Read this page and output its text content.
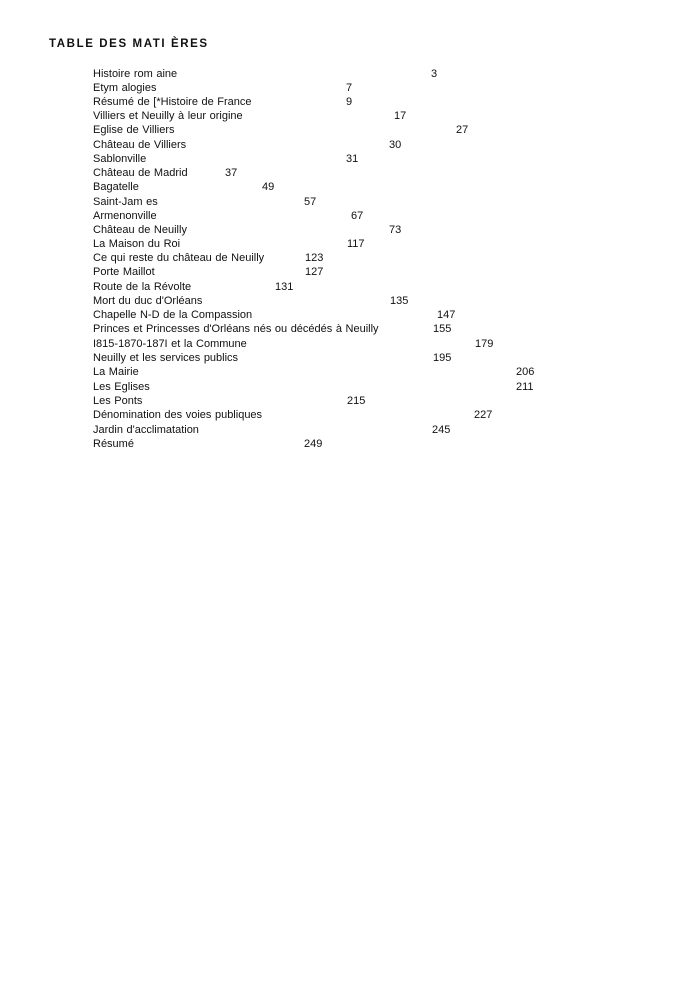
TABLE DES MATI ÈRES
Histoire rom aine	3
Etym alogies	7
Résumé de [*Histoire de France	9
Villiers et Neuilly à leur origine	17
Eglise de Villiers	27
Château de Villiers	30
Sablonville	31
Château de Madrid	37
Bagatelle	49
Saint-Jam es	57
Armenonville	67
Château de Neuilly	73
La Maison du Roi	117
Ce qui reste du château de Neuilly	123
Porte Maillot	127
Route de la Révolte	131
Mort du duc d'Orléans	135
Chapelle N-D de la Compassion	147
Princes et Princesses d'Orléans nés ou décédés à Neuilly	155
I815-1870-187I et la Commune	179
Neuilly et les services publics	195
La Mairie	206
Les Eglises	211
Les Ponts	215
Dénomination des voies publiques	227
Jardin d'acclimatation	245
Résumé	249
